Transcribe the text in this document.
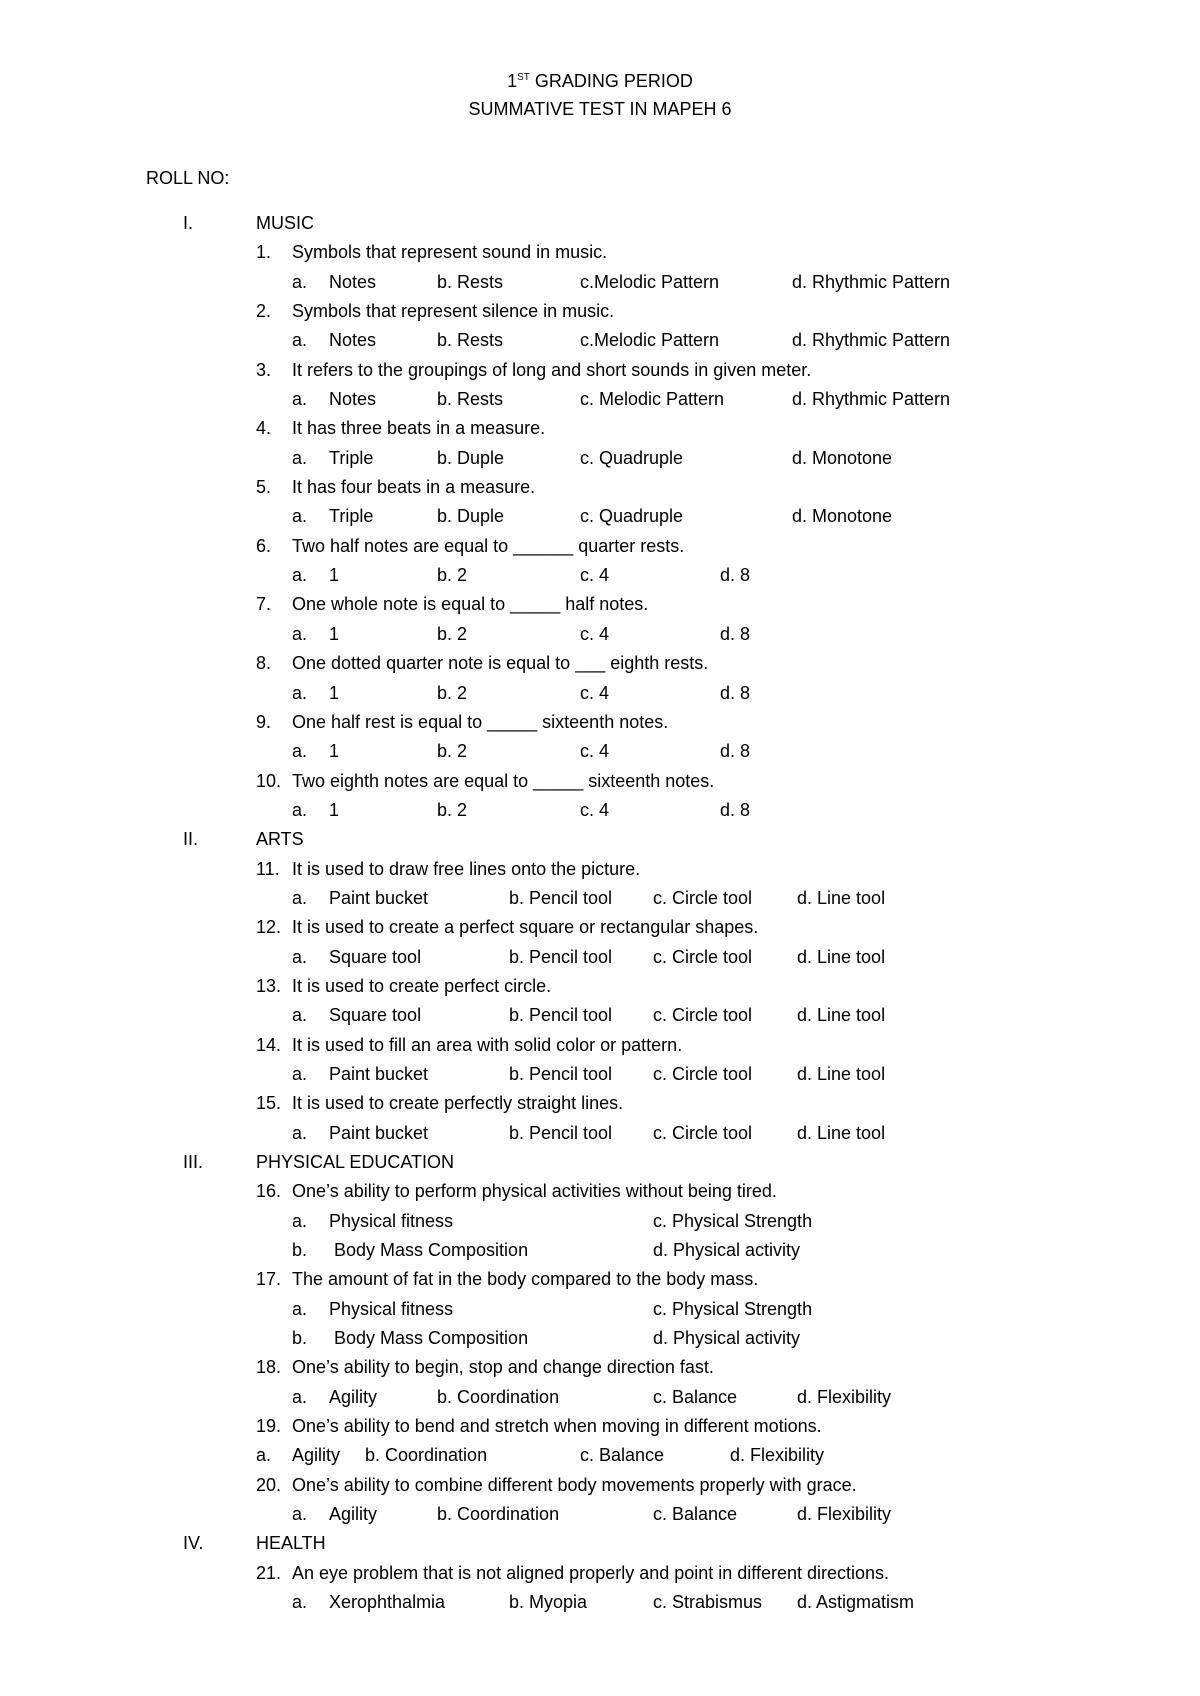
1ST GRADING PERIOD
SUMMATIVE TEST IN MAPEH 6
ROLL NO:
I.	MUSIC
1. Symbols that represent sound in music.
a. Notes	b. Rests	c.Melodic Pattern	d. Rhythmic Pattern
2. Symbols that represent silence in music.
a. Notes	b. Rests	c.Melodic Pattern	d. Rhythmic Pattern
3. It refers to the groupings of long and short sounds in given meter.
a. Notes	b. Rests	c. Melodic Pattern	d. Rhythmic Pattern
4. It has three beats in a measure.
a. Triple	b. Duple	c. Quadruple	d. Monotone
5. It has four beats in a measure.
a. Triple	b. Duple	c. Quadruple	d. Monotone
6. Two half notes are equal to ______ quarter rests.
a. 1	b. 2	c. 4	d. 8
7. One whole note is equal to _____ half notes.
a. 1	b. 2	c. 4	d. 8
8. One dotted quarter note is equal to ___ eighth rests.
a. 1	b. 2	c. 4	d. 8
9. One half rest is equal to _____ sixteenth notes.
a. 1	b. 2	c. 4	d. 8
10. Two eighth notes are equal to _____ sixteenth notes.
a. 1	b. 2	c. 4	d. 8
II.	ARTS
11. It is used to draw free lines onto the picture.
a. Paint bucket	b. Pencil tool c. Circle tool d. Line tool
12. It is used to create a perfect square or rectangular shapes.
a. Square tool	b. Pencil tool c. Circle tool d. Line tool
13. It is used to create perfect circle.
a. Square tool	b. Pencil tool c. Circle tool d. Line tool
14. It is used to fill an area with solid color or pattern.
a. Paint bucket	b. Pencil tool c. Circle tool d. Line tool
15. It is used to create perfectly straight lines.
a. Paint bucket	b. Pencil tool c. Circle tool d. Line tool
III.	PHYSICAL EDUCATION
16. One’s ability to perform physical activities without being tired.
a. Physical fitness	c. Physical Strength
b. Body Mass Composition	d. Physical activity
17. The amount of fat in the body compared to the body mass.
a. Physical fitness	c. Physical Strength
b. Body Mass Composition	d. Physical activity
18. One’s ability to begin, stop and change direction fast.
a. Agility	b. Coordination	c. Balance	d. Flexibility
19. One’s ability to bend and stretch when moving in different motions.
a. Agility b. Coordination	c. Balance	d. Flexibility
20. One’s ability to combine different body movements properly with grace.
a. Agility	b. Coordination	c. Balance	d. Flexibility
IV.	HEALTH
21. An eye problem that is not aligned properly and point in different directions.
a. Xerophthalmia	b. Myopia	c. Strabismus d. Astigmatism
